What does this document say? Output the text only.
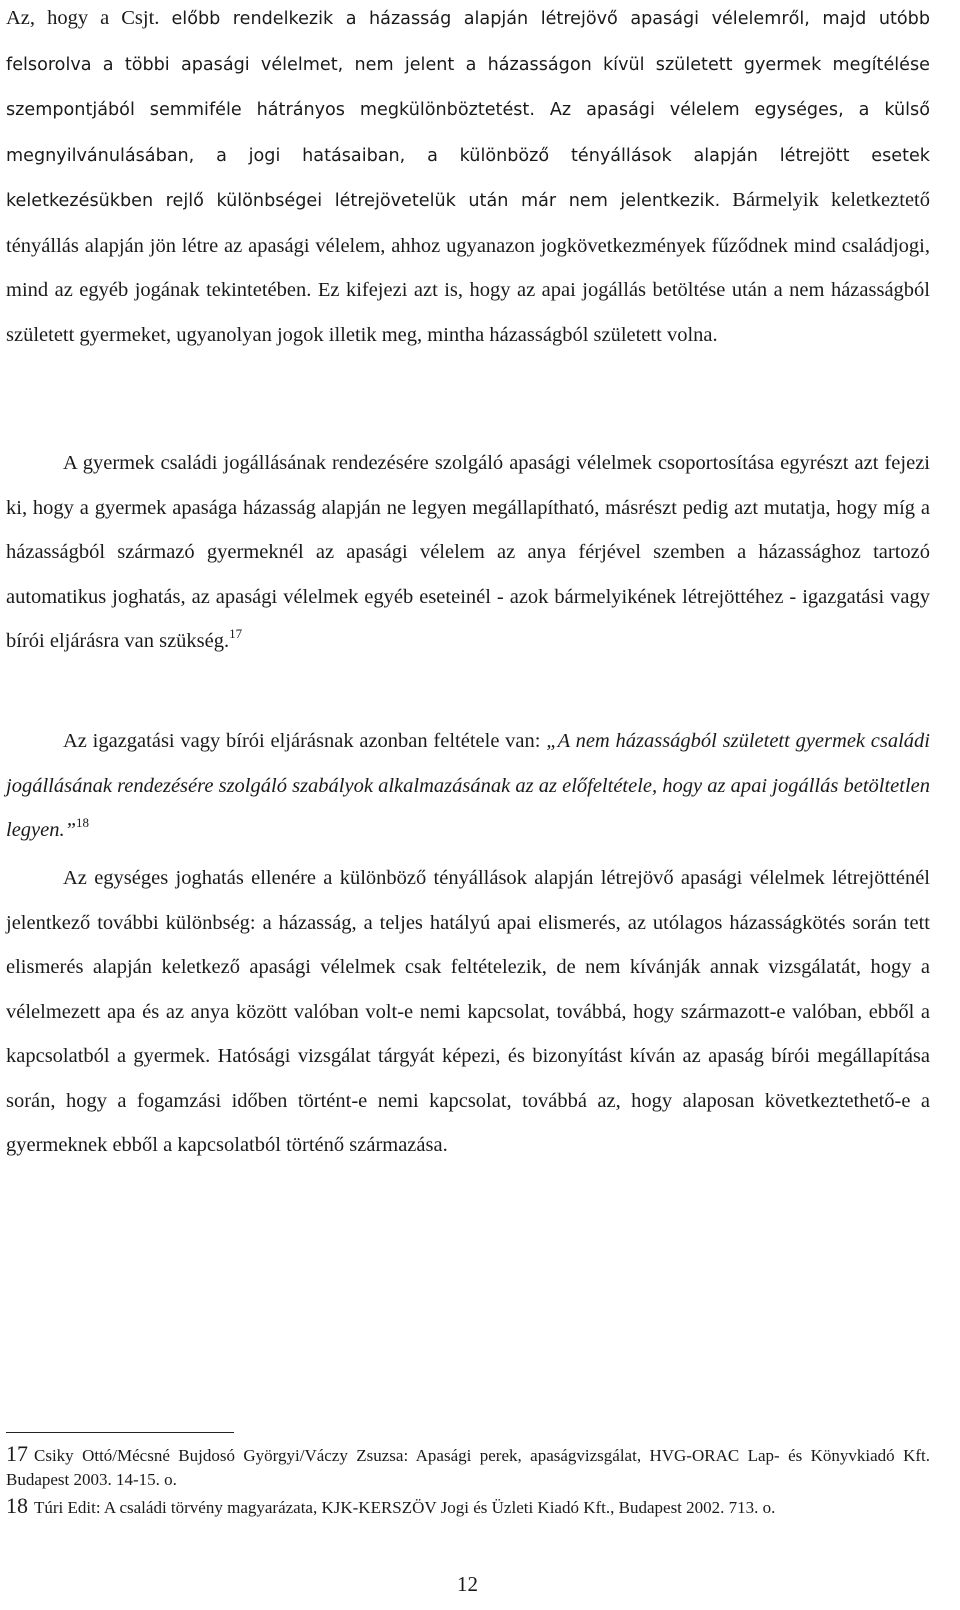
Az, hogy a Csjt. előbb rendelkezik a házasság alapján létrejövő apasági vélelemről, majd utóbb felsorolva a többi apasági vélelmet, nem jelent a házasságon kívül született gyermek megítélése szempontjából semmiféle hátrányos megkülönböztetést. Az apasági vélelem egységes, a külső megnyilvánulásában, a jogi hatásaiban, a különböző tényállások alapján létrejött esetek keletkezésükben rejlő különbségei létrejövetelük után már nem jelentkezik. Bármelyik keletkeztető tényállás alapján jön létre az apasági vélelem, ahhoz ugyanazon jogkövetkezmények fűződnek mind családjogi, mind az egyéb jogának tekintetében. Ez kifejezi azt is, hogy az apai jogállás betöltése után a nem házasságból született gyermeket, ugyanolyan jogok illetik meg, mintha házasságból született volna.

A gyermek családi jogállásának rendezésére szolgáló apasági vélelmek csoportosítása egyrészt azt fejezi ki, hogy a gyermek apasága házasság alapján ne legyen megállapítható, másrészt pedig azt mutatja, hogy míg a házasságból származó gyermeknél az apasági vélelem az anya férjével szemben a házassághoz tartozó automatikus joghatás, az apasági vélelmek egyéb eseteinél - azok bármelyikének létrejöttéhez - igazgatási vagy bírói eljárásra van szükség.$^{17}$

Az igazgatási vagy bírói eljárásnak azonban feltétele van: „A nem házasságból született gyermek családi jogállásának rendezésére szolgáló szabályok alkalmazásának az az előfeltétele, hogy az apai jogállás betöltetlen legyen.”$^{18}$

Az egységes joghatás ellenére a különböző tényállások alapján létrejövő apasági vélelmek létrejötténél jelentkező további különbség: a házasság, a teljes hatályú apai elismerés, az utólagos házasságkötés során tett elismerés alapján keletkező apasági vélelmek csak feltételezik, de nem kívánják annak vizsgálatát, hogy a vélelmezett apa és az anya között valóban volt-e nemi kapcsolat, továbbá, hogy származott-e valóban, ebből a kapcsolatból a gyermek. Hatósági vizsgálat tárgyát képezi, és bizonyítást kíván az apaság bírói megállapítása során, hogy a fogamzási időben történt-e nemi kapcsolat, továbbá az, hogy alaposan következtethető-e a gyermeknek ebből a kapcsolatból történő származása.

17 Csiky Ottó/Mécsné Bujdosó Györgyi/Váczy Zsuzsa: Apasági perek, apaságvizsgálat, HVG-ORAC Lap- és Könyvkiadó Kft. Budapest 2003. 14-15. o.

18 Túri Edit: A családi törvény magyarázata, KJK-KERSZÖV Jogi és Üzleti Kiadó Kft., Budapest 2002. 713. o.

12
